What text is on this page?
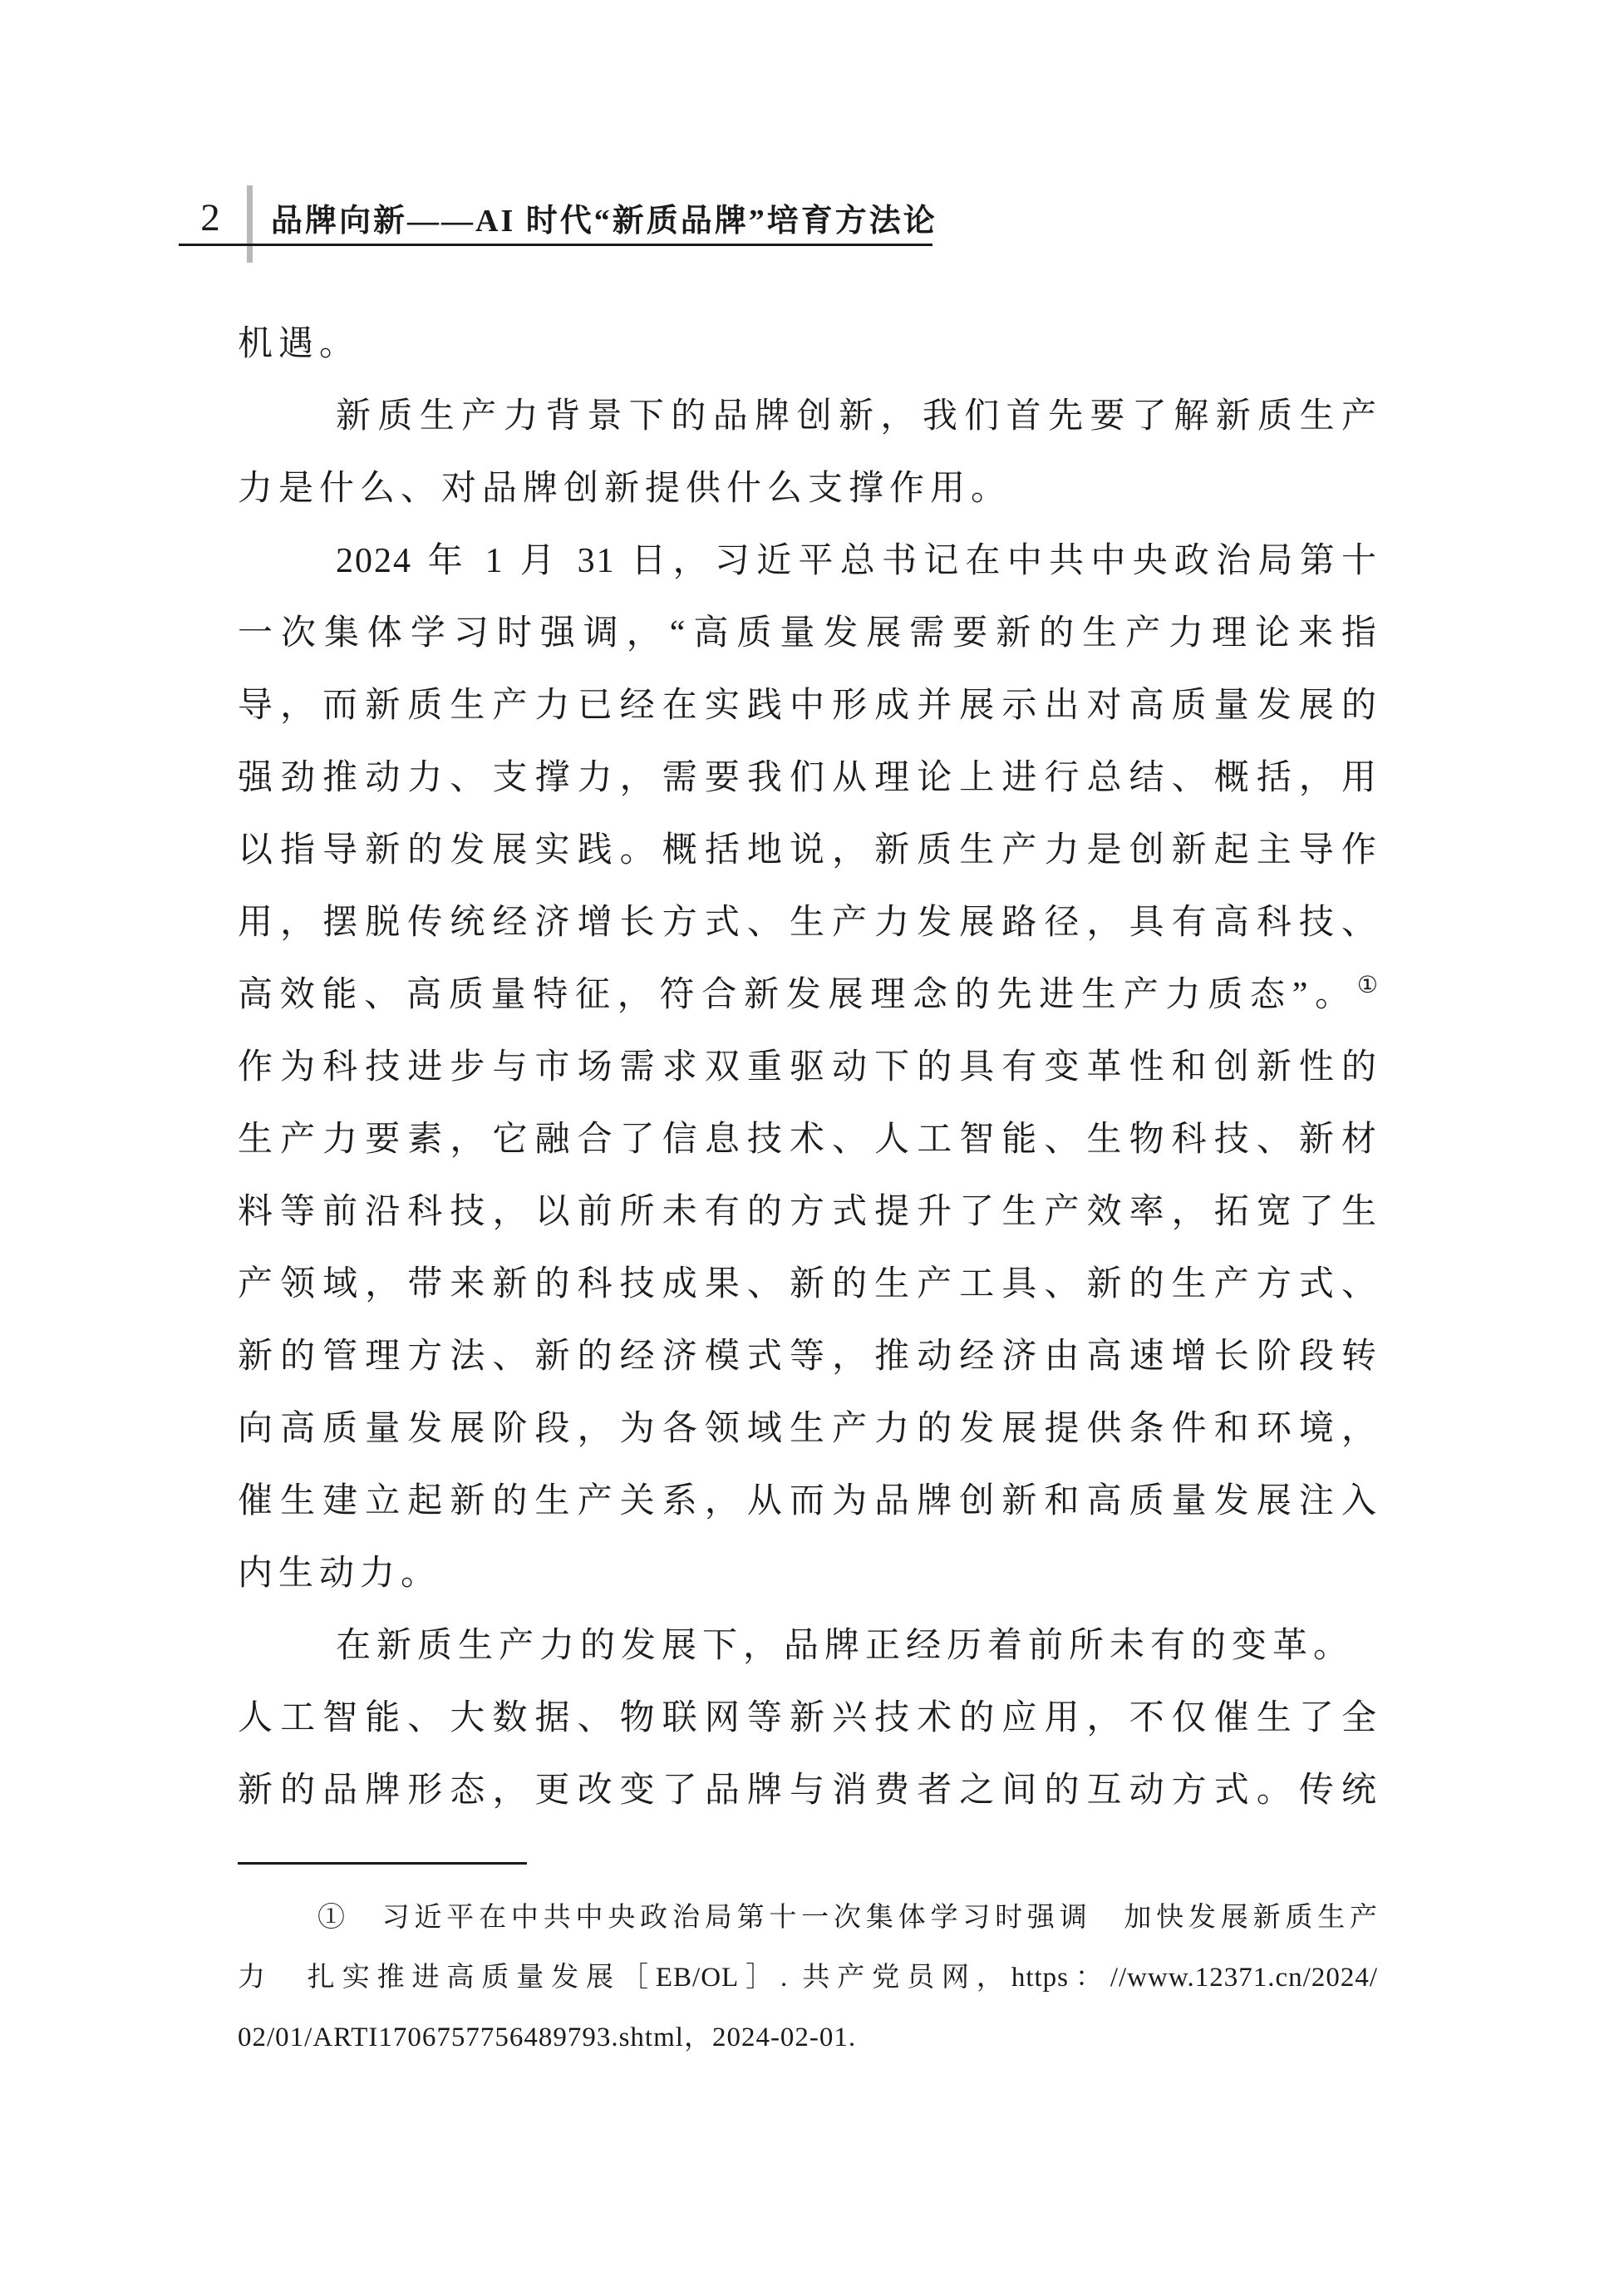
2	品牌向新——AI 时代“新质品牌”培育方法论
机遇。
新质生产力背景下的品牌创新，我们首先要了解新质生产
力是什么、对品牌创新提供什么支撑作用。
2024 年 1 月 31 日，习近平总书记在中共中央政治局第十
一次集体学习时强调，“高质量发展需要新的生产力理论来指
导，而新质生产力已经在实践中形成并展示出对高质量发展的
强劲推动力、支撑力，需要我们从理论上进行总结、概括，用
以指导新的发展实践。概括地说，新质生产力是创新起主导作
用，摆脱传统经济增长方式、生产力发展路径，具有高科技、
高效能、高质量特征，符合新发展理念的先进生产力质态”。①
作为科技进步与市场需求双重驱动下的具有变革性和创新性的
生产力要素，它融合了信息技术、人工智能、生物科技、新材
料等前沿科技，以前所未有的方式提升了生产效率，拓宽了生
产领域，带来新的科技成果、新的生产工具、新的生产方式、
新的管理方法、新的经济模式等，推动经济由高速增长阶段转
向高质量发展阶段，为各领域生产力的发展提供条件和环境，
催生建立起新的生产关系，从而为品牌创新和高质量发展注入
内生动力。
在新质生产力的发展下，品牌正经历着前所未有的变革。
人工智能、大数据、物联网等新兴技术的应用，不仅催生了全
新的品牌形态，更改变了品牌与消费者之间的互动方式。传统
①　习近平在中共中央政治局第十一次集体学习时强调　加快发展新质生产
力　扎实推进高质量发展［EB/OL］. 共产党员网，https：//www.12371.cn/2024/
02/01/ARTI1706757756489793.shtml，2024-02-01.
